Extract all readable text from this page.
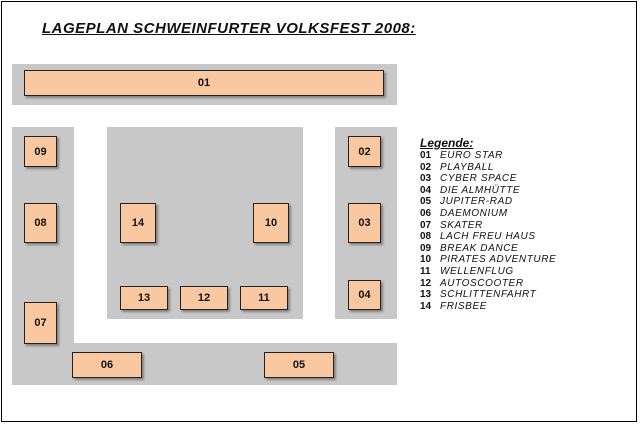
LAGEPLAN SCHWEINFURTER VOLKSFEST 2008:
01
09
08
07
14	10
13	12	11
02
03
04
06	05
Legende:
01 EURO STAR
02 PLAYBALL
03 CYBER SPACE
04 DIE ALMHÜTTE
05 JUPITER-RAD
06 DAEMONIUM
07 SKATER
08 LACH FREU HAUS
09 BREAK DANCE
10 PIRATES ADVENTURE
11 WELLENFLUG
12 AUTOSCOOTER
13 SCHLITTENFAHRT
14 FRISBEE
